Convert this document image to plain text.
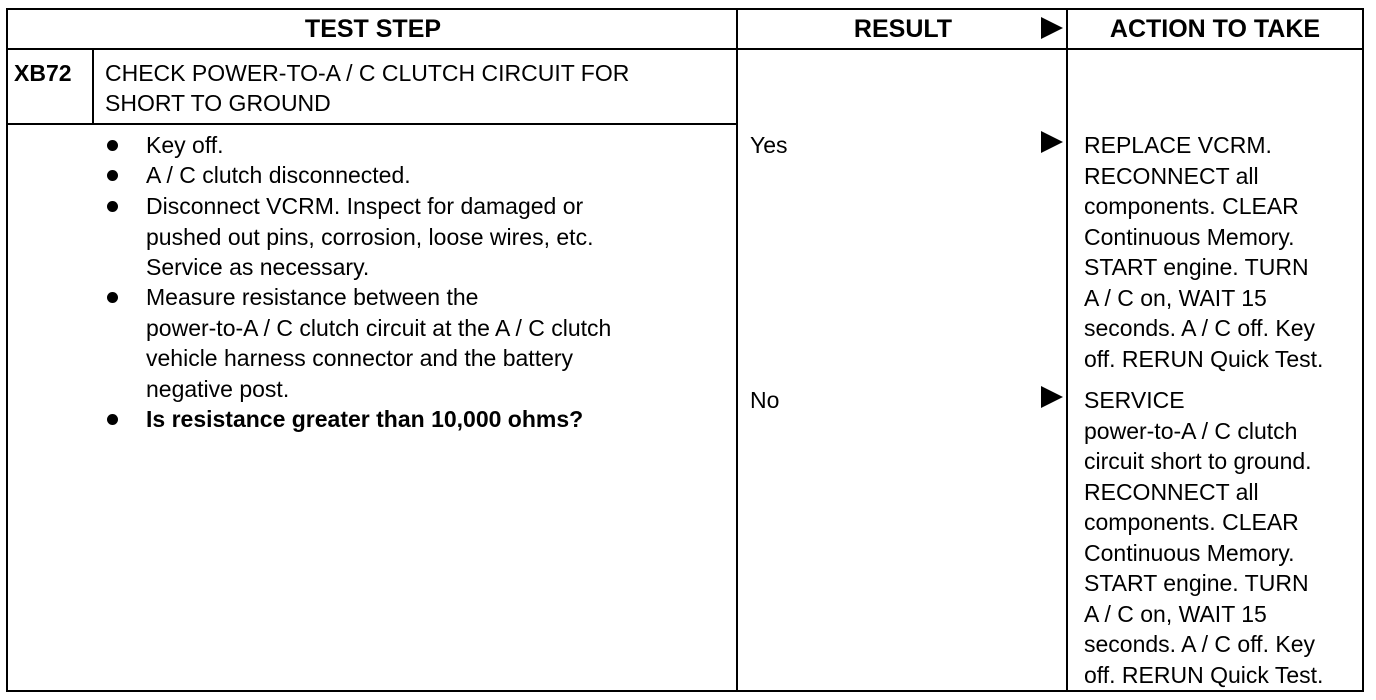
TEST STEP	RESULT	ACTION TO TAKE
XB72 CHECK POWER-TO-A / C CLUTCH CIRCUIT FOR
SHORT TO GROUND
Key off.
A / C clutch disconnected.
Disconnect VCRM. Inspect for damaged or
pushed out pins, corrosion, loose wires, etc.
Service as necessary.
Measure resistance between the
power-to-A / C clutch circuit at the A / C clutch
vehicle harness connector and the battery
negative post.
Is resistance greater than 10,000 ohms?
Yes	REPLACE VCRM.
RECONNECT all
components. CLEAR
Continuous Memory.
START engine. TURN
A / C on, WAIT 15
seconds. A / C off. Key
off. RERUN Quick Test.
No	SERVICE
power-to-A / C clutch
circuit short to ground.
RECONNECT all
components. CLEAR
Continuous Memory.
START engine. TURN
A / C on, WAIT 15
seconds. A / C off. Key
off. RERUN Quick Test.
